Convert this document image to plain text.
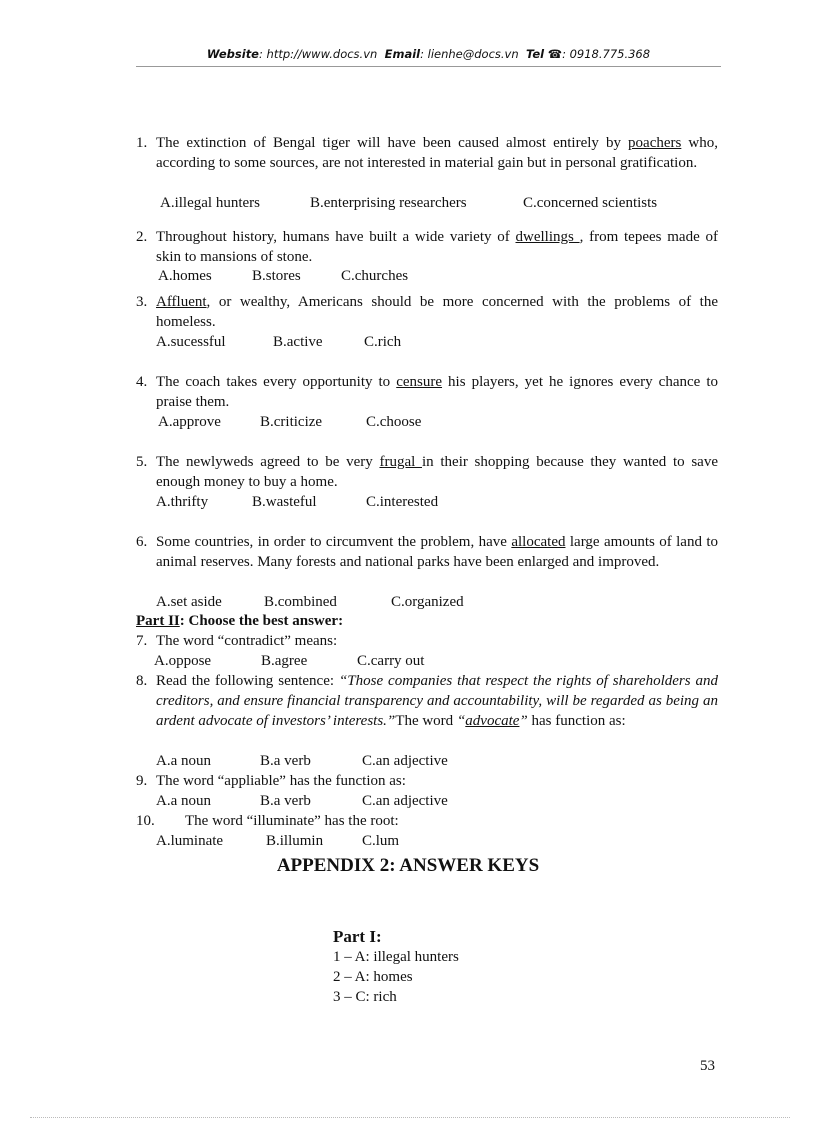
Website: http://www.docs.vn Email: lienhe@docs.vn Tel ☎: 0918.775.368
1. The extinction of Bengal tiger will have been caused almost entirely by poachers who, according to some sources, are not interested in material gain but in personal gratification.
A.illegal hunters	B.enterprising researchers	C.concerned scientists
2. Throughout history, humans have built a wide variety of dwellings , from tepees made of skin to mansions of stone.
A.homes	B.stores	C.churches
3. Affluent, or wealthy, Americans should be more concerned with the problems of the homeless.
A.sucessful	B.active	C.rich
4. The coach takes every opportunity to censure his players, yet he ignores every chance to praise them.
A.approve	B.criticize	C.choose
5. The newlyweds agreed to be very frugal in their shopping because they wanted to save enough money to buy a home.
A.thrifty	B.wasteful	C.interested
6. Some countries, in order to circumvent the problem, have allocated large amounts of land to animal reserves. Many forests and national parks have been enlarged and improved.
A.set aside	B.combined	C.organized
Part II: Choose the best answer:
7. The word “contradict” means:
A.oppose	B.agree	C.carry out
8. Read the following sentence: “Those companies that respect the rights of shareholders and creditors, and ensure financial transparency and accountability, will be regarded as being an ardent advocate of investors’ interests.”The word “advocate” has function as:
A.a noun	B.a verb	C.an adjective
9. The word “appliable” has the function as:
A.a noun	B.a verb	C.an adjective
10. The word “illuminate” has the root:
A.luminate	B.illumin	C.lum
APPENDIX 2: ANSWER KEYS
Part I:
1 – A: illegal hunters
2 – A: homes
3 – C: rich
53
